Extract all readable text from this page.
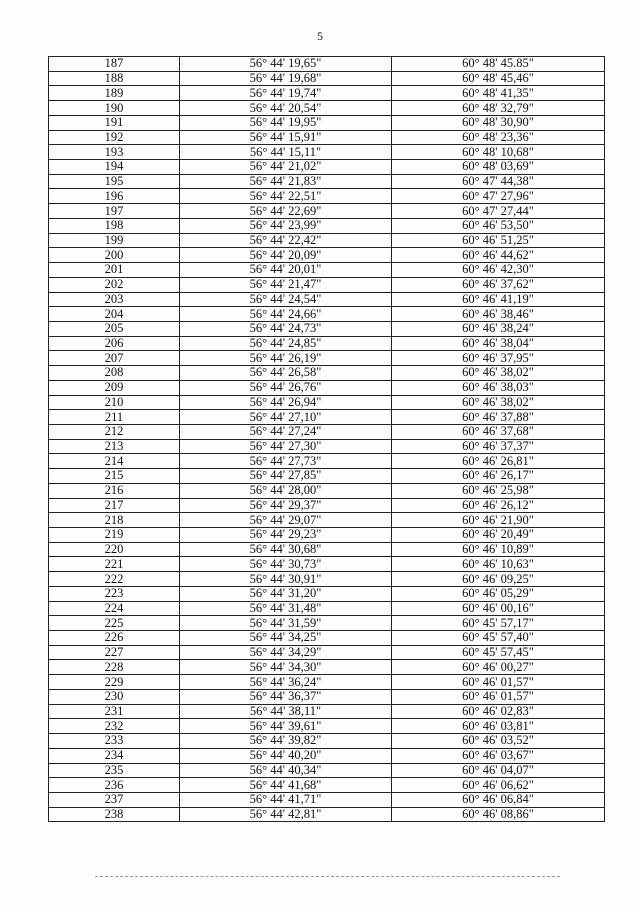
5
187	56° 44' 19,65"	60° 48' 45.85"
188	56° 44' 19,68"	60° 48' 45,46"
189	56° 44' 19,74"	60° 48' 41,35"
190	56° 44' 20,54"	60° 48' 32,79"
191	56° 44' 19,95"	60° 48' 30,90"
192	56° 44' 15,91"	60° 48' 23,36"
193	56° 44' 15,11"	60° 48' 10,68"
194	56° 44' 21,02"	60° 48' 03,69"
195	56° 44' 21,83"	60° 47' 44,38"
196	56° 44' 22,51"	60° 47' 27,96"
197	56° 44' 22,69"	60° 47' 27,44"
198	56° 44' 23,99"	60° 46' 53,50"
199	56° 44' 22,42"	60° 46' 51,25"
200	56° 44' 20,09"	60° 46' 44,62"
201	56° 44' 20,01"	60° 46' 42,30"
202	56° 44' 21,47"	60° 46' 37,62"
203	56° 44' 24,54"	60° 46' 41,19"
204	56° 44' 24,66"	60° 46' 38,46"
205	56° 44' 24,73"	60° 46' 38,24"
206	56° 44' 24,85"	60° 46' 38,04"
207	56° 44' 26,19"	60° 46' 37,95"
208	56° 44' 26,58"	60° 46' 38,02"
209	56° 44' 26,76"	60° 46' 38,03"
210	56° 44' 26,94"	60° 46' 38,02"
211	56° 44' 27,10"	60° 46' 37,88"
212	56° 44' 27,24"	60° 46' 37,68"
213	56° 44' 27,30"	60° 46' 37,37"
214	56° 44' 27,73"	60° 46' 26,81"
215	56° 44' 27,85"	60° 46' 26,17"
216	56° 44' 28,00"	60° 46' 25,98"
217	56° 44' 29,37"	60° 46' 26,12"
218	56° 44' 29,07"	60° 46' 21,90"
219	56° 44' 29,23"	60° 46' 20,49"
220	56° 44' 30,68"	60° 46' 10,89"
221	56° 44' 30,73"	60° 46' 10,63"
222	56° 44' 30,91"	60° 46' 09,25"
223	56° 44' 31,20"	60° 46' 05,29"
224	56° 44' 31,48"	60° 46' 00,16"
225	56° 44' 31,59"	60° 45' 57,17"
226	56° 44' 34,25"	60° 45' 57,40"
227	56° 44' 34,29"	60° 45' 57,45"
228	56° 44' 34,30"	60° 46' 00,27"
229	56° 44' 36,24"	60° 46' 01,57"
230	56° 44' 36,37"	60° 46' 01,57"
231	56° 44' 38,11"	60° 46' 02,83"
232	56° 44' 39,61"	60° 46' 03,81"
233	56° 44' 39,82"	60° 46' 03,52"
234	56° 44' 40,20"	60° 46' 03,67"
235	56° 44' 40,34"	60° 46' 04,07"
236	56° 44' 41,68"	60° 46' 06,62"
237	56° 44' 41,71"	60° 46' 06,84"
238	56° 44' 42,81"	60° 46' 08,86"
